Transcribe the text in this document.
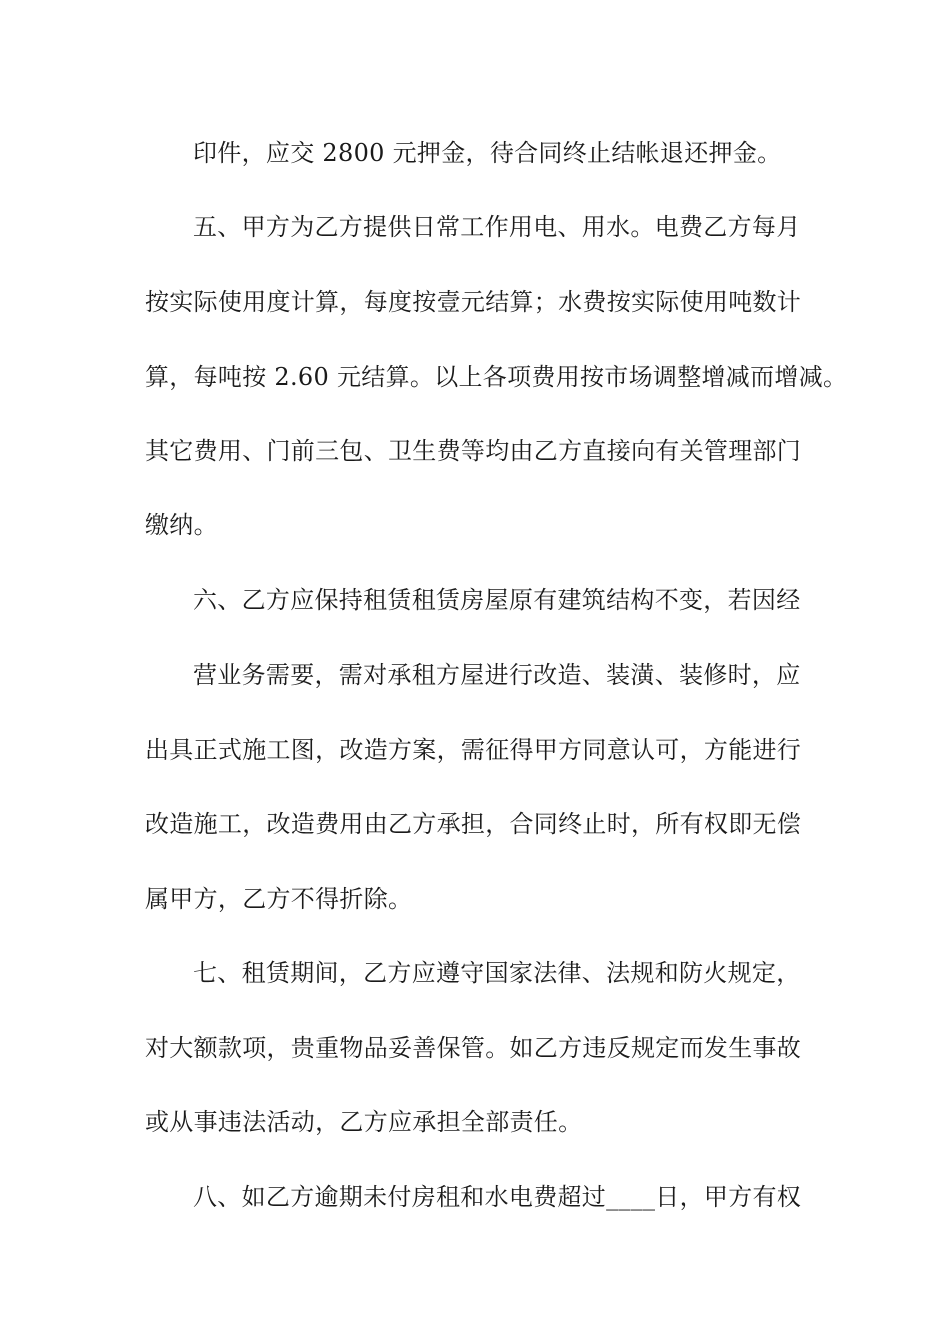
印件，应交 2800 元押金，待合同终止结帐退还押金。
五、甲方为乙方提供日常工作用电、用水。电费乙方每月
按实际使用度计算，每度按壹元结算；水费按实际使用吨数计
算，每吨按 2.60 元结算。以上各项费用按市场调整增减而增减。
其它费用、门前三包、卫生费等均由乙方直接向有关管理部门
缴纳。
六、乙方应保持租赁租赁房屋原有建筑结构不变，若因经
营业务需要，需对承租方屋进行改造、装潢、装修时，应
出具正式施工图，改造方案，需征得甲方同意认可，方能进行
改造施工，改造费用由乙方承担，合同终止时，所有权即无偿
属甲方，乙方不得折除。
七、租赁期间，乙方应遵守国家法律、法规和防火规定，
对大额款项，贵重物品妥善保管。如乙方违反规定而发生事故
或从事违法活动，乙方应承担全部责任。
八、如乙方逾期未付房租和水电费超过____日，甲方有权
